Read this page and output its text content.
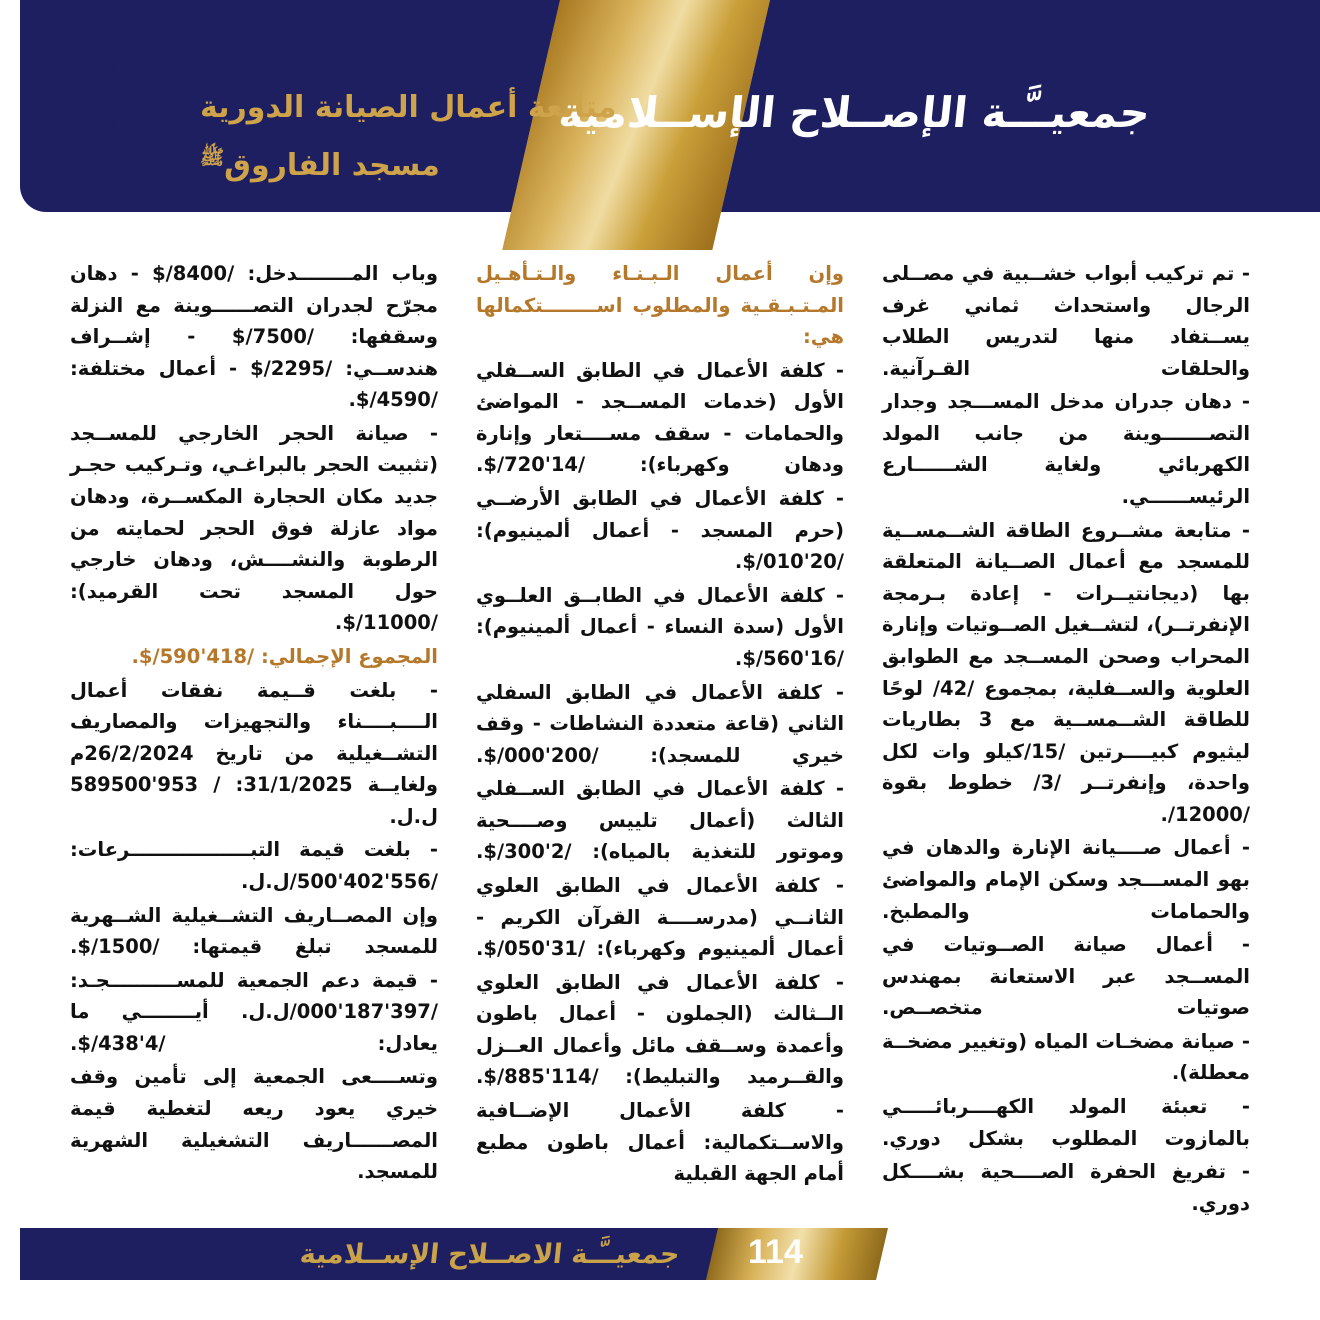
2025	جمعيــَّـة الإصــلاح الإســلامية
متابعة أعمال الصيانة الدورية
مسجد الفاروق$^ﷺ$

- تم تركيب أبواب خشــبية في مصــلى الرجال واستحداث ثماني غرف يســتفاد منها لتدريس الطلاب والحلقات القـرآنية.

- دهان جدران مدخل المســـجد وجدار التصـــــــوينة من جانب المولد الكهربائي ولغاية الشــــــارع الرئيســــــي.

- متابعة مشــروع الطاقة الشــمســية للمسجد مع أعمال الصــيانة المتعلقة بها (ديجانتيــرات - إعادة بـرمجة الإنفرتــر)، لتشــغيل الصــوتيات وإنارة المحراب وصحن المســجد مع الطوابق العلوية والســفلية، بمجموع /42/ لوحًا للطاقة الشــمســية مع 3 بطاريات ليثيوم كبيــــرتين /15/كيلو وات لكل واحدة، وإنفرتــر /3/ خطوط بقوة /12000/.

- أعمال صــــيانة الإنارة والدهان في بهو المســـجد وسكن الإمام والمواضئ والحمامات والمطبخ.

- أعمال صيانة الصــوتيات في المســجد عبر الاستعانة بمهندس صوتيات متخصــص.

- صيانة مضخـات المياه (وتغيير مضخــة معطلة).

- تعبئة المولد الكهــــربائـــــي بالمازوت المطلوب بشكل دوري.

- تفريغ الحفرة الصــــحية بشــــكل دوري.

وإن أعمال الـبـنـاء والـتـأهـيل المـتـبـقـية والمطلوب اســــــــتكمالها هي:

- كلفة الأعمال في الطابق الســفلي الأول (خدمات المســجد - المواضئ والحمامات - سقف مســــتعار وإنارة ودهان وكهرباء): /14'720/$.

- كلفة الأعمال في الطابق الأرضــي (حرم المسجد - أعمال ألمينيوم): /20'010/$.

- كلفة الأعمال في الطابــق العلــوي الأول (سدة النساء - أعمال ألمينيوم): /16'560/$.

- كلفة الأعمال في الطابق السفلي الثاني (قاعة متعددة النشاطات - وقف خيري للمسجد): /200'000/$.

- كلفة الأعمال في الطابق الســفلي الثالث (أعمال تلييس وصــــحية وموتور للتغذية بالمياه): /2'300/$.

- كلفة الأعمال في الطابق العلوي الثانــي (مدرســــة القرآن الكريم - أعمال ألمينيوم وكهرباء): /31'050/$.

- كلفة الأعمال في الطابق العلوي الــثالث (الجملون - أعمال باطون وأعمدة وســقف مائل وأعمال العــزل والقــرميد والتبليط): /114'885/$.

- كلفة الأعمال الإضــافية والاســتكمالية: أعمال باطون مطبع أمام الجهة القبلية

وباب المــــــــدخل: /8400/$ - دهان مجرّح لجدران التصــــــوينة مع النزلة وسقفها: /7500/$ - إشــراف هندســي: /2295/$ - أعمال مختلفة: /4590/$.

- صيانة الحجر الخارجي للمســجد (تثبيت الحجر بالبراغـي، وتـركيب حجـر جديد مكان الحجارة المكســرة، ودهان مواد عازلة فوق الحجر لحمايته من الرطوبة والنشــــش، ودهان خارجي حول المسجد تحت القرميد): /11000/$.

المجموع الإجمالي: /418'590/$.

- بلغت قــيمة نفقات أعمال الــــبــــناء والتجهيزات والمصاريف التشــغيلية من تاريخ 26/2/2024م ولغايــة 31/1/2025: / 953'589500 ل.ل.

- بلغت قيمة التبــــــــــــــــــرعات: /556'402'500/ل.ل.

وإن المصــاريف التشــغيلية الشــهرية للمسجد تبلغ قيمتها: /1500/$.

- قيمة دعم الجمعية للمســــــــــجـد: /397'187'000/ل.ل. أيــــــــي ما يعادل: /4'438/$.

وتســــعى الجمعية إلى تأمين وقف خيري يعود ريعه لتغطية قيمة المصــــــاريف التشغيلية الشهرية للمسجد.

جمعيــَّـة الاصــلاح الإســلامية 114
